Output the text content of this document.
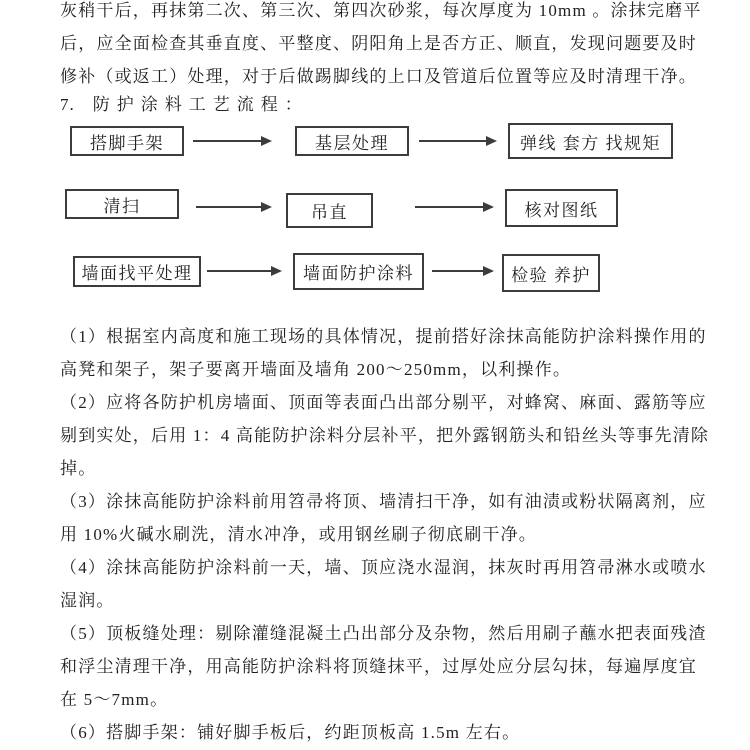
灰稍干后，再抹第二次、第三次、第四次砂浆，每次厚度为 10mm 。涂抹完磨平
后，应全面检查其垂直度、平整度、阴阳角上是否方正、顺直，发现问题要及时
修补（或返工）处理，对于后做踢脚线的上口及管道后位置等应及时清理干净。
7. 防护涂料工艺流程：
搭脚手架	基层处理	弹线 套方 找规矩
清扫	吊直	核对图纸
墙面找平处理	墙面防护涂料	检验 养护
（1）根据室内高度和施工现场的具体情况，提前搭好涂抹高能防护涂料操作用的
高凳和架子，架子要离开墙面及墙角 200～250mm，以利操作。
（2）应将各防护机房墙面、顶面等表面凸出部分剔平，对蜂窝、麻面、露筋等应
剔到实处，后用 1：4 高能防护涂料分层补平，把外露钢筋头和铅丝头等事先清除
掉。
（3）涂抹高能防护涂料前用笤帚将顶、墙清扫干净，如有油渍或粉状隔离剂，应
用 10%火碱水刷洗，清水冲净，或用钢丝刷子彻底刷干净。
（4）涂抹高能防护涂料前一天，墙、顶应浇水湿润，抹灰时再用笤帚淋水或喷水
湿润。
（5）顶板缝处理：剔除灌缝混凝土凸出部分及杂物，然后用刷子蘸水把表面残渣
和浮尘清理干净，用高能防护涂料将顶缝抹平，过厚处应分层勾抹，每遍厚度宜
在 5～7mm。
（6）搭脚手架：铺好脚手板后，约距顶板高 1.5m 左右。
